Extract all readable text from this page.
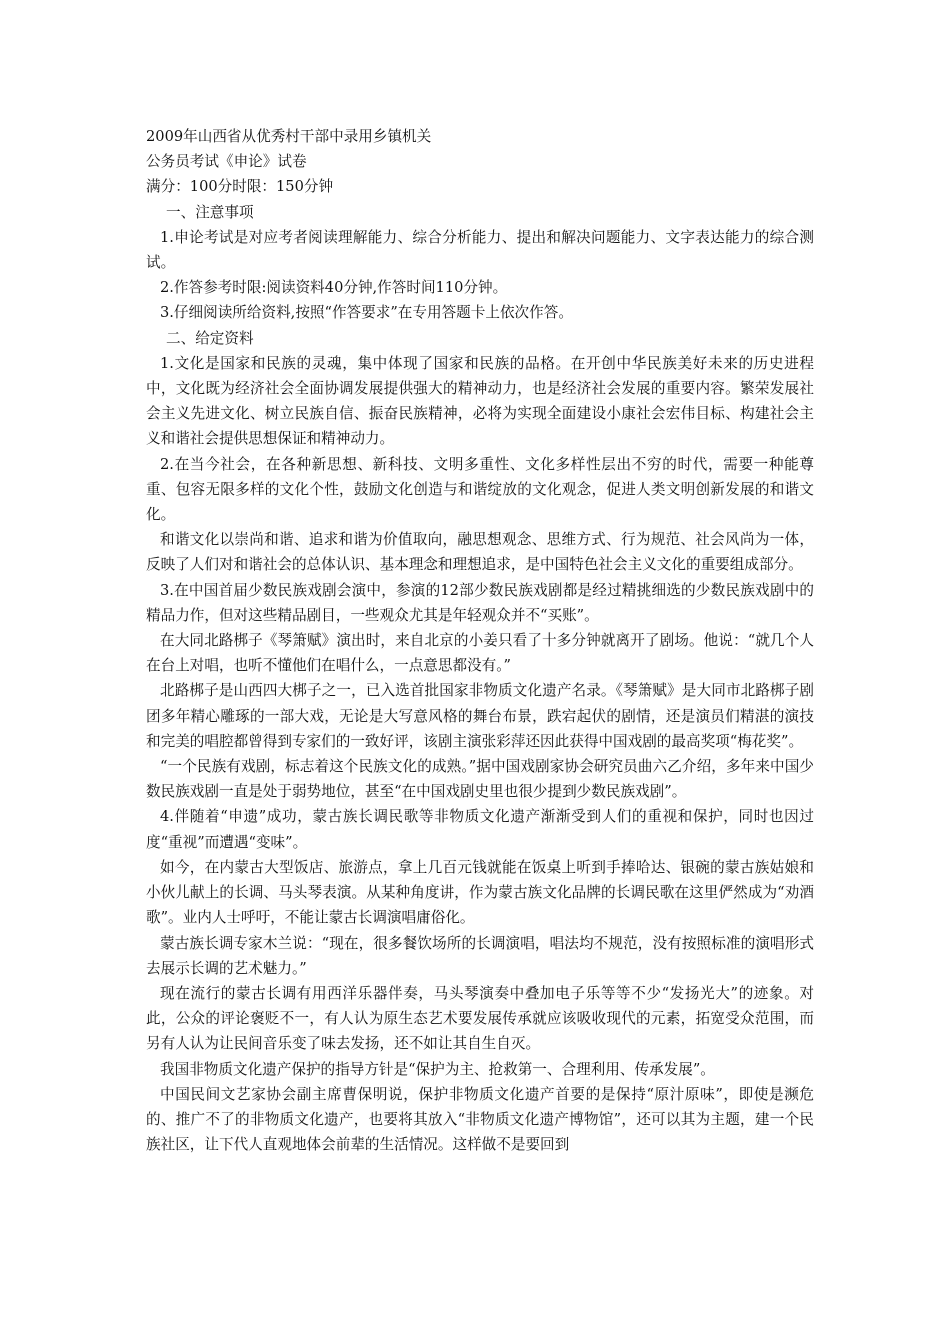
2009年山西省从优秀村干部中录用乡镇机关

公务员考试《申论》试卷

满分：100分时限：150分钟

一、注意事项

1.申论考试是对应考者阅读理解能力、综合分析能力、提出和解决问题能力、文字表达能力的综合测试。

2.作答参考时限:阅读资料40分钟,作答时间110分钟。

3.仔细阅读所给资料,按照“作答要求”在专用答题卡上依次作答。

二、给定资料

1.文化是国家和民族的灵魂，集中体现了国家和民族的品格。在开创中华民族美好未来的历史进程中，文化既为经济社会全面协调发展提供强大的精神动力，也是经济社会发展的重要内容。繁荣发展社会主义先进文化、树立民族自信、振奋民族精神，必将为实现全面建设小康社会宏伟目标、构建社会主义和谐社会提供思想保证和精神动力。

2.在当今社会，在各种新思想、新科技、文明多重性、文化多样性层出不穷的时代，需要一种能尊重、包容无限多样的文化个性，鼓励文化创造与和谐绽放的文化观念，促进人类文明创新发展的和谐文化。

和谐文化以崇尚和谐、追求和谐为价值取向，融思想观念、思维方式、行为规范、社会风尚为一体，反映了人们对和谐社会的总体认识、基本理念和理想追求，是中国特色社会主义文化的重要组成部分。

3.在中国首届少数民族戏剧会演中，参演的12部少数民族戏剧都是经过精挑细选的少数民族戏剧中的精品力作，但对这些精品剧目，一些观众尤其是年轻观众并不“买账”。

在大同北路梆子《琴箫赋》演出时，来自北京的小姜只看了十多分钟就离开了剧场。他说：“就几个人在台上对唱，也听不懂他们在唱什么，一点意思都没有。”

北路梆子是山西四大梆子之一，已入选首批国家非物质文化遗产名录。《琴箫赋》是大同市北路梆子剧团多年精心雕琢的一部大戏，无论是大写意风格的舞台布景，跌宕起伏的剧情，还是演员们精湛的演技和完美的唱腔都曾得到专家们的一致好评，该剧主演张彩萍还因此获得中国戏剧的最高奖项“梅花奖”。

“一个民族有戏剧，标志着这个民族文化的成熟。”据中国戏剧家协会研究员曲六乙介绍，多年来中国少数民族戏剧一直是处于弱势地位，甚至“在中国戏剧史里也很少提到少数民族戏剧”。

4.伴随着“申遗”成功，蒙古族长调民歌等非物质文化遗产渐渐受到人们的重视和保护，同时也因过度“重视”而遭遇“变味”。

如今，在内蒙古大型饭店、旅游点，拿上几百元钱就能在饭桌上听到手捧哈达、银碗的蒙古族姑娘和小伙儿献上的长调、马头琴表演。从某种角度讲，作为蒙古族文化品牌的长调民歌在这里俨然成为“劝酒歌”。业内人士呼吁，不能让蒙古长调演唱庸俗化。

蒙古族长调专家木兰说：“现在，很多餐饮场所的长调演唱，唱法均不规范，没有按照标准的演唱形式去展示长调的艺术魅力。”

现在流行的蒙古长调有用西洋乐器伴奏，马头琴演奏中叠加电子乐等等不少“发扬光大”的迹象。对此，公众的评论褒贬不一，有人认为原生态艺术要发展传承就应该吸收现代的元素，拓宽受众范围，而另有人认为让民间音乐变了味去发扬，还不如让其自生自灭。

我国非物质文化遗产保护的指导方针是“保护为主、抢救第一、合理利用、传承发展”。

中国民间文艺家协会副主席曹保明说，保护非物质文化遗产首要的是保持“原汁原味”，即使是濒危的、推广不了的非物质文化遗产，也要将其放入“非物质文化遗产博物馆”，还可以其为主题，建一个民族社区，让下代人直观地体会前辈的生活情况。这样做不是要回到
